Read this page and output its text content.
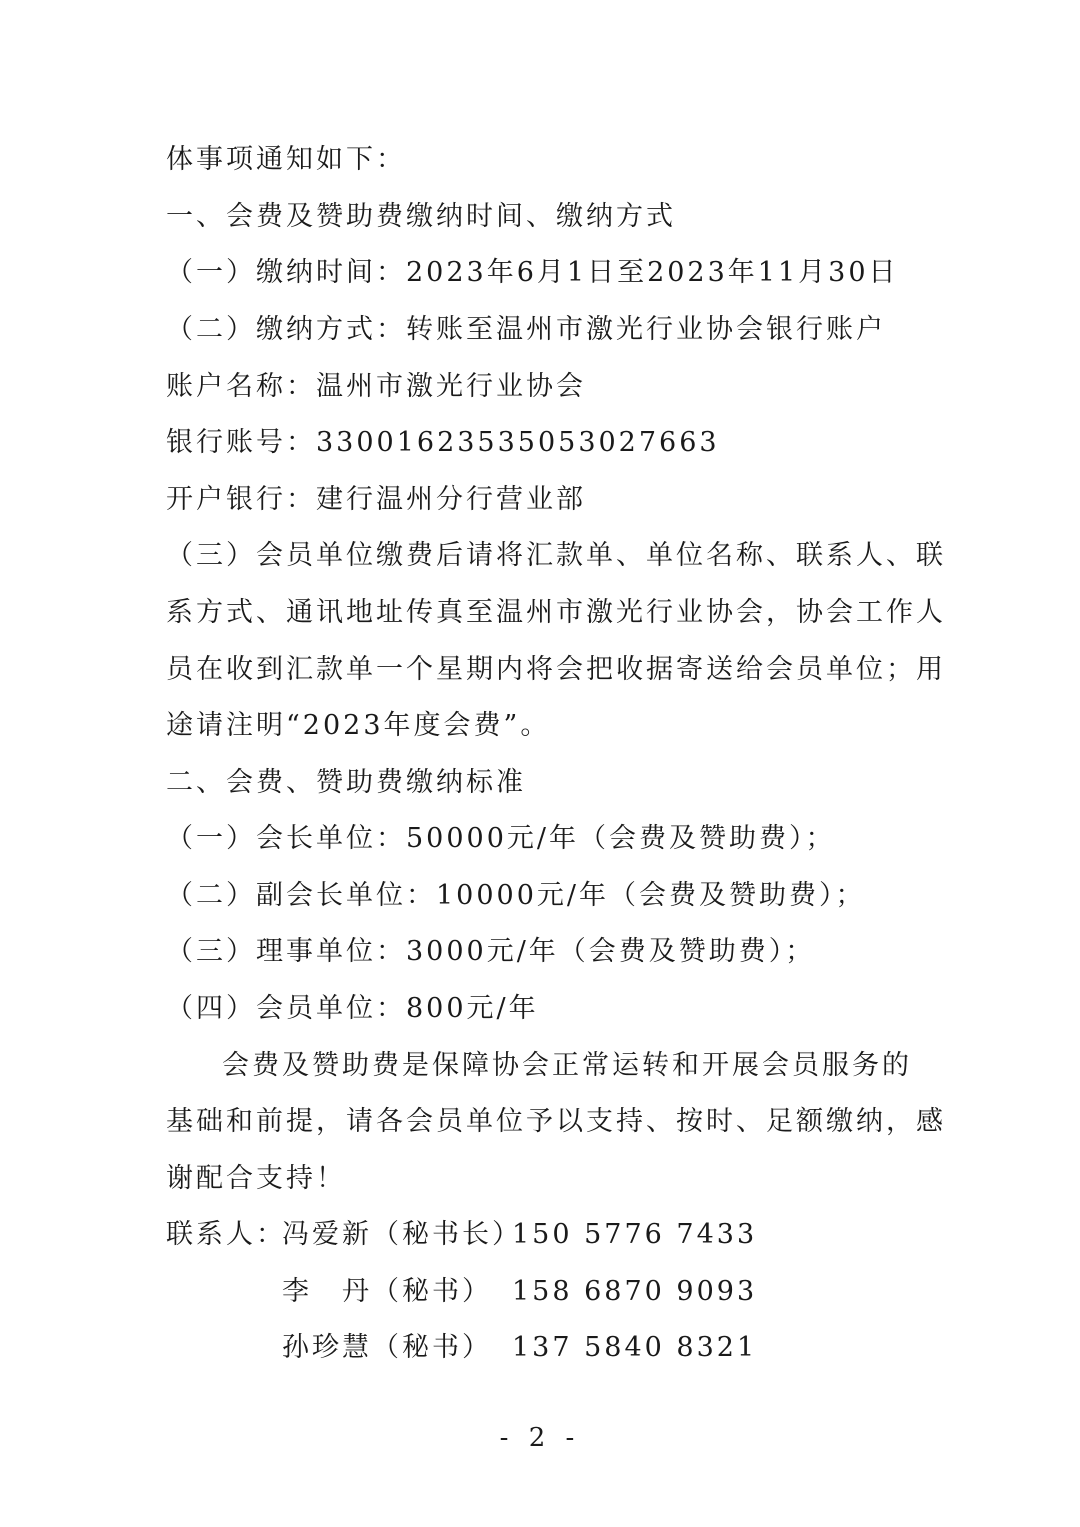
体事项通知如下：
一、会费及赞助费缴纳时间、缴纳方式
（一）缴纳时间：2023年6月1日至2023年11月30日
（二）缴纳方式：转账至温州市激光行业协会银行账户
账户名称：温州市激光行业协会
银行账号：33001623535053027663
开户银行：建行温州分行营业部
（三）会员单位缴费后请将汇款单、单位名称、联系人、联
系方式、通讯地址传真至温州市激光行业协会，协会工作人
员在收到汇款单一个星期内将会把收据寄送给会员单位；用
途请注明“2023年度会费”。
二、会费、赞助费缴纳标准
（一）会长单位：50000元/年（会费及赞助费）；
（二）副会长单位：10000元/年（会费及赞助费）；
（三）理事单位：3000元/年（会费及赞助费）；
（四）会员单位：800元/年
会费及赞助费是保障协会正常运转和开展会员服务的
基础和前提，请各会员单位予以支持、按时、足额缴纳，感
谢配合支持！
联系人：
冯爱新（秘书长）
150 5776 7433
李　丹（秘书） 158 6870 9093
孙珍慧（秘书） 137 5840 8321
- 2 -
